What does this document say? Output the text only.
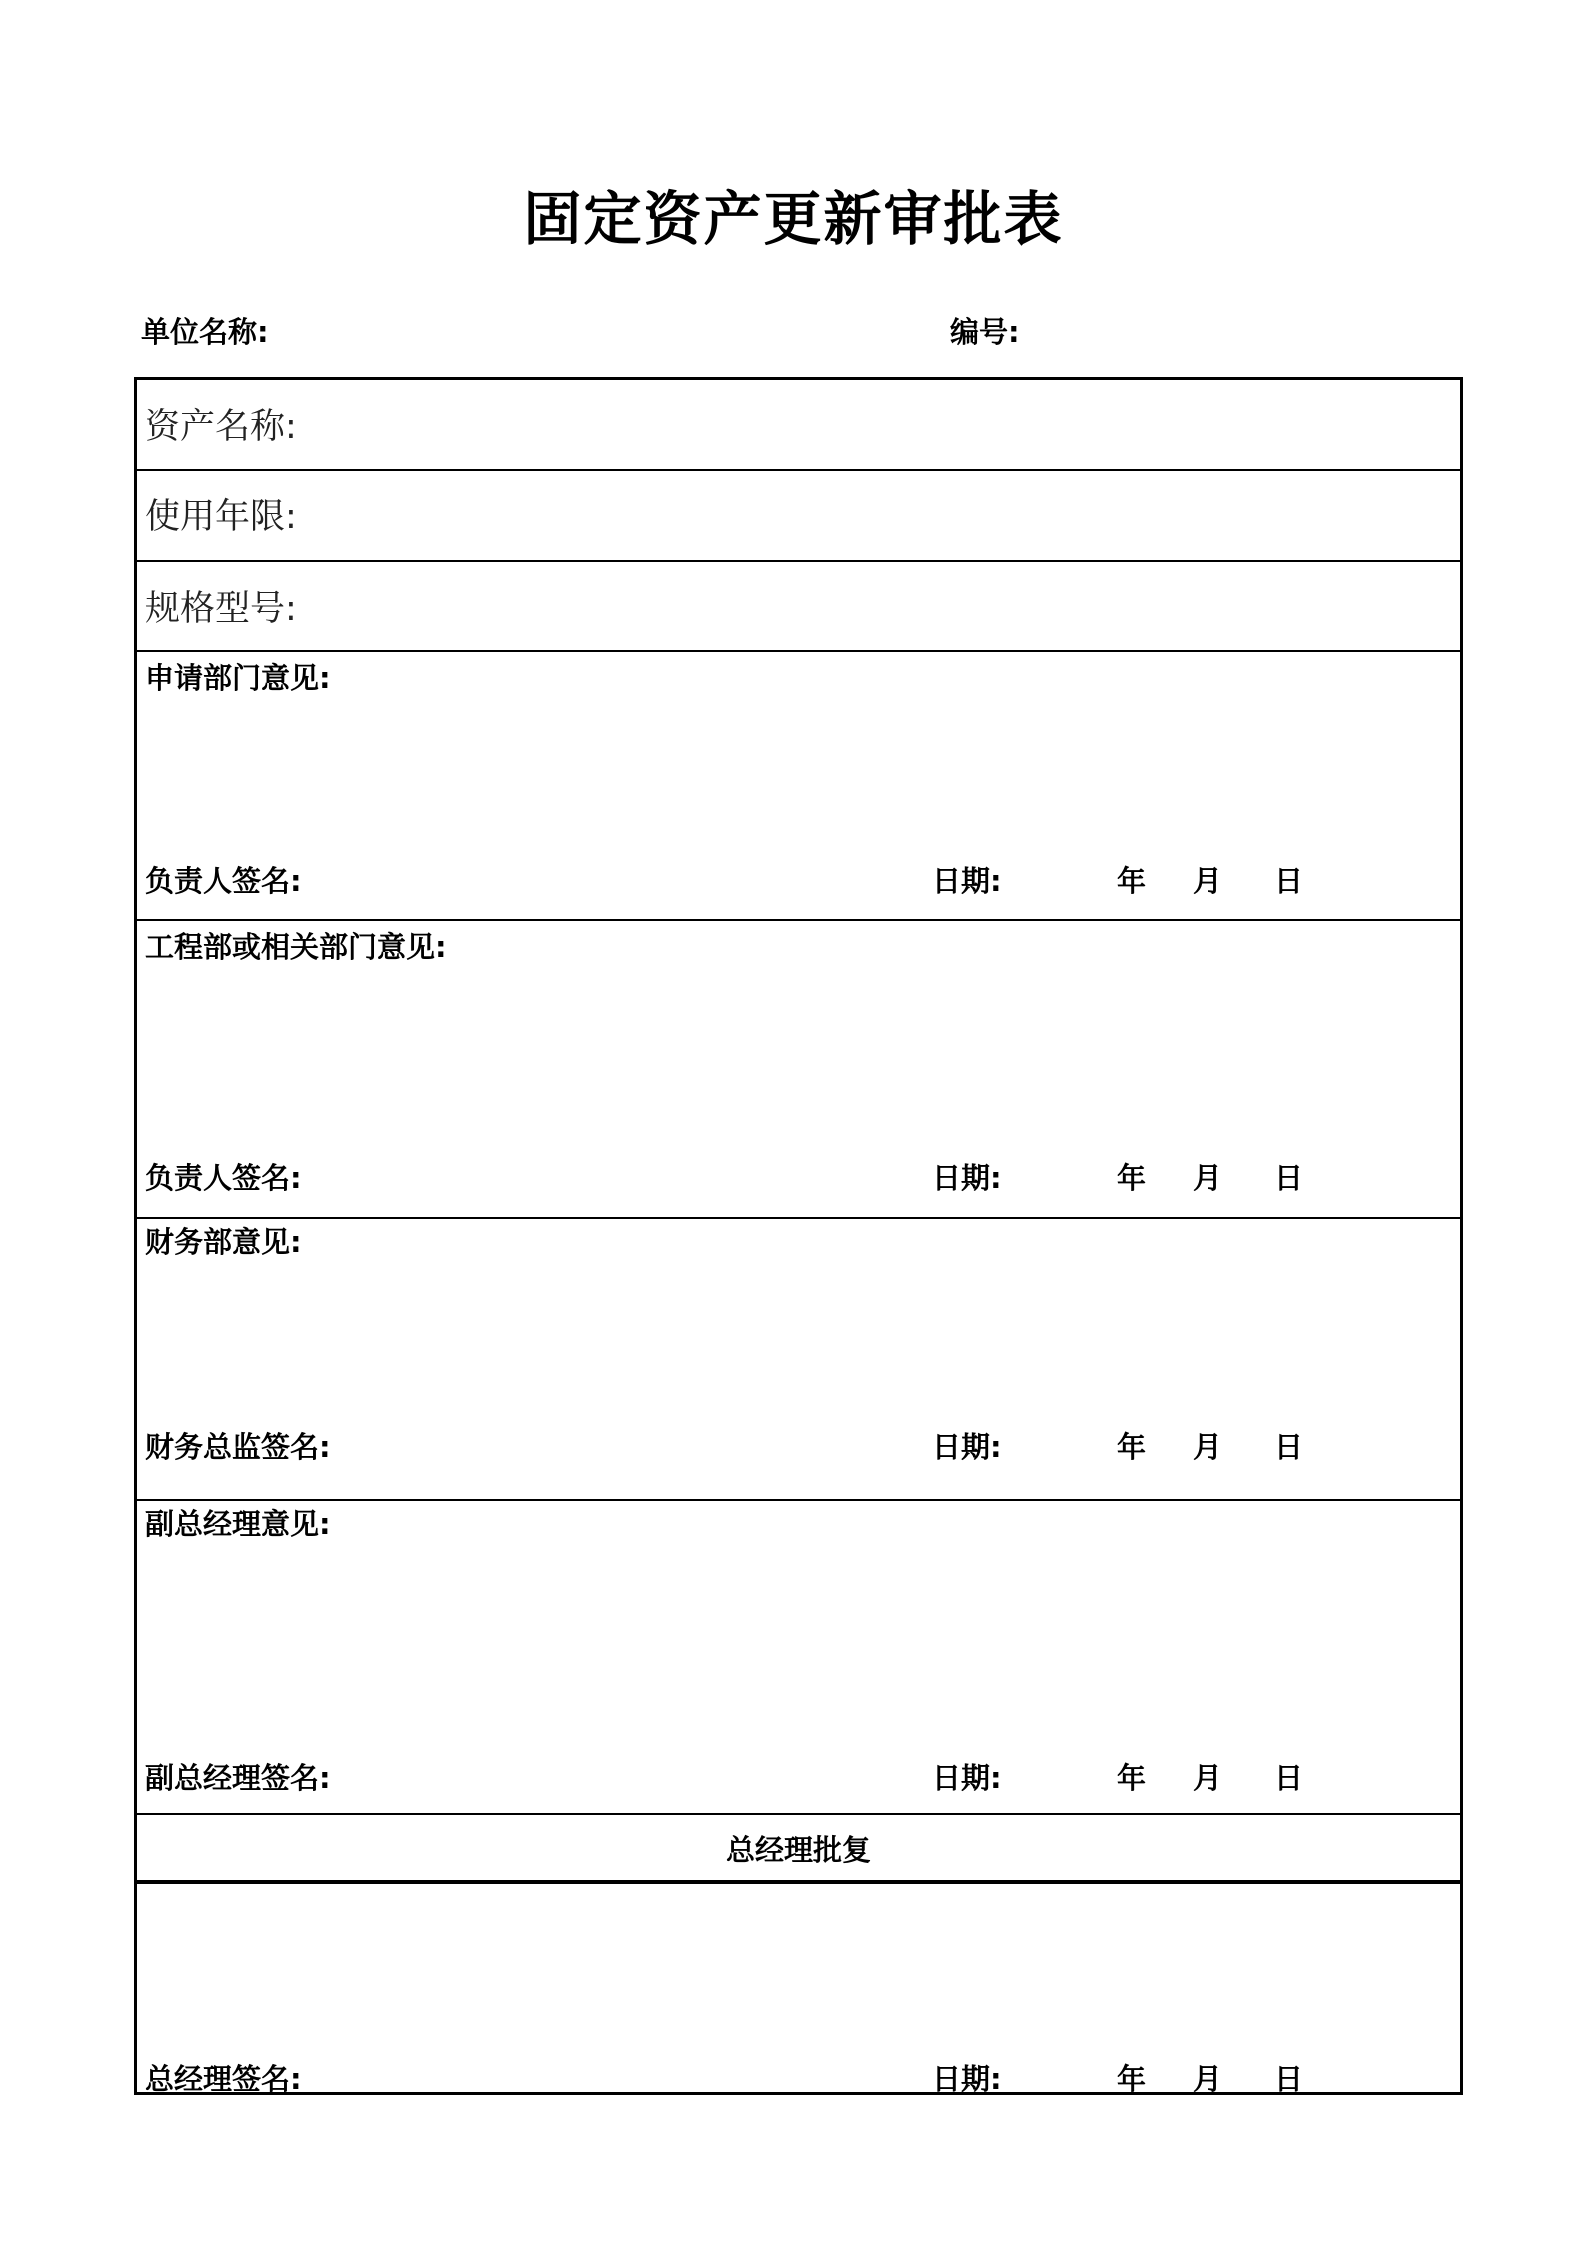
固定资产更新审批表
单位名称:	编号:
资产名称:
使用年限:
规格型号:
申请部门意见:
负责人签名:	日期:	年 月 日
工程部或相关部门意见:
负责人签名:	日期:	年 月 日
财务部意见:
财务总监签名:	日期:	年 月 日
副总经理意见:
副总经理签名:	日期:	年 月 日
总经理批复
总经理签名:	日期:	年 月 日
